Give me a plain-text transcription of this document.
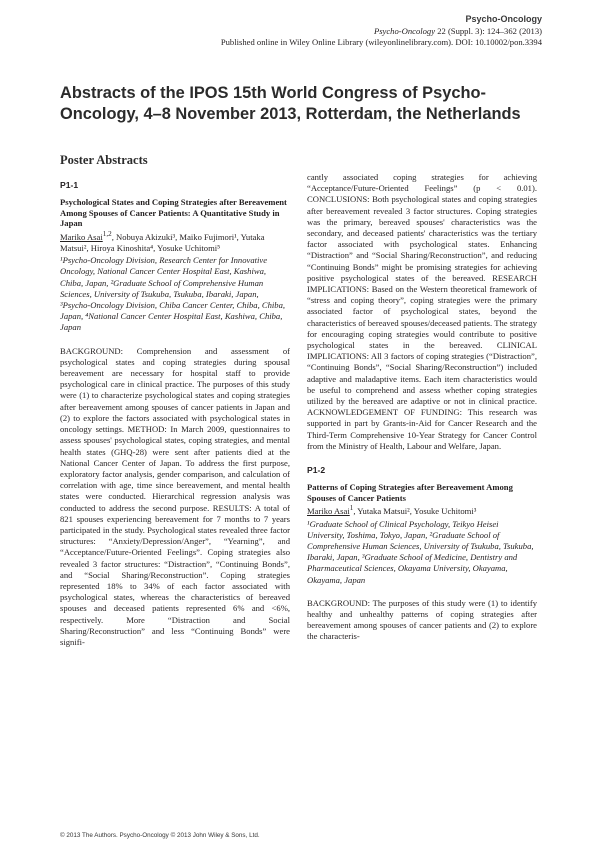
Psycho-Oncology
Psycho-Oncology 22 (Suppl. 3): 124–362 (2013)
Published online in Wiley Online Library (wileyonlinelibrary.com). DOI: 10.10002/pon.3394
Abstracts of the IPOS 15th World Congress of Psycho-Oncology, 4–8 November 2013, Rotterdam, the Netherlands
Poster Abstracts
P1-1
Psychological States and Coping Strategies after Bereavement Among Spouses of Cancer Patients: A Quantitative Study in Japan
Mariko Asai$^{1,2}$, Nobuya Akizuki³, Maiko Fujimori¹, Yutaka Matsui², Hiroya Kinoshita⁴, Yosuke Uchitomi⁵
¹Psycho-Oncology Division, Research Center for Innovative Oncology, National Cancer Center Hospital East, Kashiwa, Chiba, Japan, ²Graduate School of Comprehensive Human Sciences, University of Tsukuba, Tsukuba, Ibaraki, Japan, ³Psycho-Oncology Division, Chiba Cancer Center, Chiba, Chiba, Japan, ⁴National Cancer Center Hospital East, Kashiwa, Chiba, Japan
BACKGROUND: Comprehension and assessment of psychological states and coping strategies during spousal bereavement are necessary for hospital staff to provide psychological care in clinical practice. The purposes of this study were (1) to characterize psychological states and coping strategies after bereavement among spouses of cancer patients in Japan and (2) to explore the factors associated with psychological states in oncology settings. METHOD: In March 2009, questionnaires to assess spouses' psychological states, coping strategies, and mental health states (GHQ-28) were sent after patients died at the National Cancer Center of Japan. To address the first purpose, exploratory factor analysis, gender comparison, and calculation of correlation with age, time since bereavement, and mental health states were conducted. Hierarchical regression analysis was conducted to address the second purpose. RESULTS: A total of 821 spouses experiencing bereavement for 7 months to 7 years participated in the study. Psychological states revealed three factor structures: “Anxiety/Depression/Anger”, “Yearning”, and “Acceptance/Future-Oriented Feelings”. Coping strategies also revealed 3 factor structures: “Distraction”, “Continuing Bonds”, and “Social Sharing/Reconstruction”. Coping strategies represented 18% to 34% of each factor associated with psychological states, whereas the characteristics of bereaved spouses and deceased patients represented 6% and <6%, respectively. More “Distraction and Social Sharing/Reconstruction” and less “Continuing Bonds” were signifi-
cantly associated coping strategies for achieving “Acceptance/Future-Oriented Feelings” (p < 0.01). CONCLUSIONS: Both psychological states and coping strategies after bereavement revealed 3 factor structures. Coping strategies was the primary, bereaved spouses' characteristics was the secondary, and deceased patients' characteristics was the tertiary factor associated with psychological states. Enhancing “Distraction” and “Social Sharing/Reconstruction”, and reducing “Continuing Bonds” might be promising strategies for achieving positive psychological states of the bereaved. RESEARCH IMPLICATIONS: Based on the Western theoretical framework of “stress and coping theory”, coping strategies were the primary associated factor of psychological states, beyond the characteristics of bereaved spouses/deceased patients. The strategy for encouraging coping strategies would contribute to positive psychological states in the bereaved. CLINICAL IMPLICATIONS: All 3 factors of coping strategies (“Distraction”, “Continuing Bonds”, “Social Sharing/Reconstruction”) included adaptive and maladaptive items. Each item characteristics would be useful to comprehend and assess whether coping strategies utilized by the bereaved are adaptive or not in clinical practice. ACKNOWLEDGEMENT OF FUNDING: This research was supported in part by Grants-in-Aid for Cancer Research and the Third-Term Comprehensive 10-Year Strategy for Cancer Control from the Ministry of Health, Labour and Welfare, Japan.
P1-2
Patterns of Coping Strategies after Bereavement Among Spouses of Cancer Patients
Mariko Asai$^1$, Yutaka Matsui², Yosuke Uchitomi³
¹Graduate School of Clinical Psychology, Teikyo Heisei University, Toshima, Tokyo, Japan, ²Graduate School of Comprehensive Human Sciences, University of Tsukuba, Tsukuba, Ibaraki, Japan, ³Graduate School of Medicine, Dentistry and Pharmaceutical Sciences, Okayama University, Okayama, Okayama, Japan
BACKGROUND: The purposes of this study were (1) to identify healthy and unhealthy patterns of coping strategies after bereavement among spouses of cancer patients and (2) to explore the characteris-
© 2013 The Authors. Psycho-Oncology © 2013 John Wiley & Sons, Ltd.
